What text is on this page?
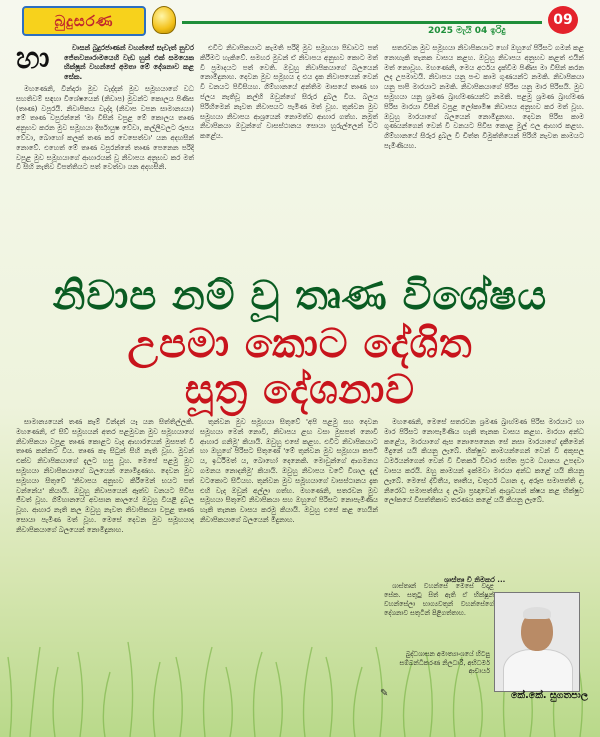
බුදුසරණ
2025 මැයි 04 ඉරිදු
09
හා	වාසන් බුදුරජාණන් වහන්සේ සැවැත් නුවර ජේතවනාරාමයෙහි වැඩ හුන් එක් සමයෙක භික්ෂූන් වහන්සේ අමතා මේ දේශනාව කළ සේක.

මහණෙනි, වින්දාරා මුව වැද්දන් මුව සමූහයාගේ වධ සහතිවම් සඳහා විශේෂයෙන් (නිවාප) මුවන්ට කොලය පිණිස (තෘණ) වපුරයි. නිවාපිකය වැද්දා (නිවාප වපන සාමාන්‍යයා) මේ තෘණ වපුරන්නේ 'මා විසින් වපුළ මේ කොලය තෘණ අනුභව කරන මුව සමූහයා දීර්ඝායුෂ වේවා, කල්ලිවලට රූපය වේවා, බොහෝ කලක් තණ කර වෙසෙත්වා' යන අදහසින් නොවේ. එහෙත් මේ තෘණ වපුරන්නේ තෘණ පෙනෙන පරිදි වපුළ මුව සමූහයාගේ ආහාරයක් වූ නිවාපය අනුභව කර මත් වී සිහි නැතිව විපත්තියට පත් වෙත්වා යන අදහසිනි.

එවිට නිවාපිකයාට කැමති පරිදි මුව සමූහයා පීඩාවට පත් කිරීමට හැකිවේ. සමහර මුවන් ඒ නිවාපය අනුභව කොට මත් වී ප්‍රමාදයට පත් වෙති. ඔවුහු නිවාපිකයාගේ බලයෙන් නොමිදුනාහ. දෙවන මුව සමූහය ද එය දැක නිවාපයෙන් වෙන් වී වනයට පිවිසියහ. ගිම්හානයේ අන්තිම මාසයේ තෘණ හා ජලය නැතිවූ කල්හි ඔවුන්ගේ සිරුර දුබල විය. බලය පිරිහීමෙන් නැවත නිවාපයට පැමිණ මත් වූහ. තුන්වන මුව සමූහයා නිවාපය ආශ්‍රයෙන් නොමත්ව ආහාර ගත්හ. නමුත් නිවාපිකයා ඔවුන්ගේ වාසස්ථානය සොයා හුරුල්ලෙන් වට කළේය.

සතරවන මුව සමූහයා නිවාපිකයාට හෝ ඔහුගේ පිරිසට ගමන් කළ නොහැකි තැනක වාසය කළහ. ඔවුහු නිවාපය අනුභව කළත් එයින් මත් නොවූහ. මහණෙනි, මෙය අර්ථය දැක්වීම පිණිස මා විසින් කරන ලද උපමාවයි. නිවාපය යනු පංච කාම ගුණයන්ට නමකි. නිවාපිකයා යනු පාපී මාරයාට නමකි. නිවාපිකයාගේ පිරිස යනු මාර පිරිසයි. මුව සමූහයා යනු ශ්‍රමණ බ්‍රාහ්මණයන්ට නමකි. පළමු ශ්‍රමණ බ්‍රාහ්මණ පිරිස මාරයා විසින් වපුළ ලෝකාමිෂ නිවාපය අනුභව කර මත් වූහ. ඔවුහු මාරයාගේ බලයෙන් නොමිදුනාහ. දෙවන පිරිස කාම ගුණයන්ගෙන් වෙන් වී වනයට පිවිස කොළ මුල් ඵල ආහාර කළහ. ගිම්හානයේ සිරුර දුබල වී චිත්ත විමුක්තියෙන් පිරිහී නැවත කාමයට පැමිණියහ.

නිවාප නම් වූ තෘණ විශේෂය
උපමා කොට දේශිත
සූත්‍ර දේශනාව

සාමාන්‍යයෙන් තණ කෑම් වින්දන් යෑ යන සිත්තිල්ලකි. මහණෙනි, ඒ සිව් සමූහයන් අතර පළමුවන මුව සමූහයාගේ නිවාපිකයා වපුළ තෘණ කොළට වැද ආහාරයෙන් මුසපත් වී තෘණ කන්නට විය. තෘණ කෑ සිටුන් සිහි නැති වූහ. මුවන් එක්ව නිවාපිකයාගේ දැලට හසු වූහ. මෙසේ පළමු මුව සමූහයා නිවාපිකයාගේ බලයෙන් නොමිදුණහ. දෙවන මුව සමූහයා සිතුවේ 'නිවාපය අනුභව කිරීමෙන් භයට පත් වන්නේය' කියායි. ඔවුහු නිවාපයෙන් ඈත්ව වනයට පිවිස ජීවත් වූහ. ගිම්හානයේ අවසාන කාලයේ ඔවුහු වියළී දුබල වූහ. ආහාර නැති කල ඔවුහු නැවත නිවාපිකයා වපුළ තෘණ සොයා පැමිණ මත් වූහ. මෙසේ දෙවන මුව සමූහයාද නිවාපිකයාගේ බලයෙන් නොමිදුනාහ.

තුන්වන මුව සමූහයා සිතුවේ 'අපි පළමු සහ දෙවන සමූහයා මෙන් නොවී, නිවාපය ළඟ වසා මුසපත් නොවී ආහාර ගනිමු' කියායි. ඔවුහු එසේ කළහ. එවිට නිවාපිකයාට හා ඔහුගේ පිරිසට සිතුණේ 'මේ තුන්වන මුව සමූහයා කපටි ය, ඉර්ධිමත් ය, බොහෝ දෙනෙකි. මොවුන්ගේ ආගමනය ගමනය නොදනිමු' කියායි. ඔවුහු නිවාපය වටේ විශාල දැල් වටකොට සිටියහ. තුන්වන මුව සමූහයාගේ වාසස්ථානය දැක එහි වැද ඔවුන් අල්ලා ගත්හ. මහණෙනි, සතරවන මුව සමූහයා සිතුවේ නිවාපිකයා සහ ඔහුගේ පිරිසට නොපැමිණිය හැකි තැනක වාසය කරමු කියායි. ඔවුහු එසේ කළ හෙයින් නිවාපිකයාගේ බලයෙන් මිදුනාහ.

මහණෙනි, මෙසේ සතරවන ශ්‍රමණ බ්‍රාහ්මණ පිරිස මාරයාට හා මාර පිරිසට නොපැමිණිය හැකි තැනක වාසය කළහ. මාරයා අන්ධ කළේය, මාරයාගේ ඇස නොපෙනෙන සේ නසා මාරයාගේ දැකීමෙන් මිදුනේ යයි කියනු ලැබේ. භික්ෂුව කාමයන්ගෙන් වෙන් වී අකුසල ධර්මයන්ගෙන් වෙන් වී විතර්ක විචාර සහිත ප්‍රථම ධ්‍යානය උපදවා වාසය කරයි. ඔහු කාමයන් ඉක්මවා මාරයා අන්ධ කළේ යයි කියනු ලැබේ. මෙසේ ද්විතීය, තෘතීය, චතුර්ථ ධ්‍යාන ද, අරූප සමාපත්ති ද, නිරෝධ සමාපත්තිය ද ලබා ප්‍රඥාවෙන් ආශ්‍රවයන් ක්ෂය කළ භික්ෂුව ලෝකයේ විසත්තිකාව තරණය කළේ යයි කියනු ලැබේ.

ශාස්තෘන් වහන්සේ මෙසේ වදාළ සේක. සතුටු සිත් ඇති ඒ භික්ෂූන් වහන්සේලා භාග්‍යවතුන් වහන්සේගේ දේශනාව සතුටින් පිළිගත්තාහ.

ශාස්තෘ වී නිමකර ...
බුද්ධශාසන අමාත්‍යාංශයේ හිටපු සම්බන්ධීකරණ නිලධාරී, අභිධර්ම ආචාර්ය
✎	කේ.කේ. සුගතපාල
